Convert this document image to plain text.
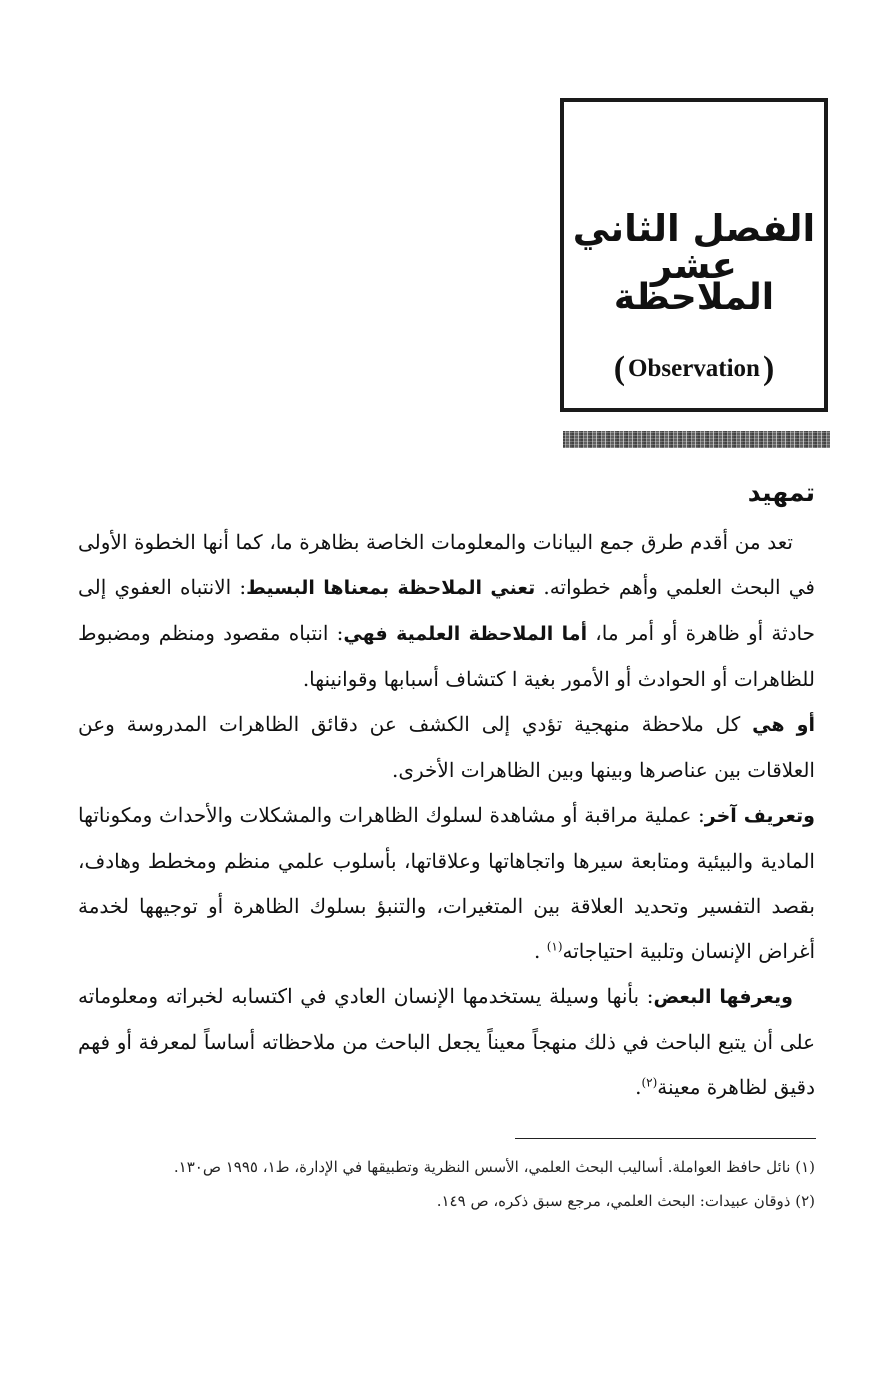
الفصل الثاني عشر
الملاحظة
( Observation)
تمهيد

تعد من أقدم طرق جمع البيانات والمعلومات الخاصة بظاهرة ما، كما أنها الخطوة الأولى في البحث العلمي وأهم خطواته. تعني الملاحظة بمعناها البسيط: الانتباه العفوي إلى حادثة أو ظاهرة أو أمر ما، أما الملاحظة العلمية فهي: انتباه مقصود ومنظم ومضبوط للظاهرات أو الحوادث أو الأمور بغية ا كتشاف أسبابها وقوانينها.

أو هي كل ملاحظة منهجية تؤدي إلى الكشف عن دقائق الظاهرات المدروسة وعن العلاقات بين عناصرها وبينها وبين الظاهرات الأخرى.

وتعريف آخر: عملية مراقبة أو مشاهدة لسلوك الظاهرات والمشكلات والأحداث ومكوناتها المادية والبيئية ومتابعة سيرها واتجاهاتها وعلاقاتها، بأسلوب علمي منظم ومخطط وهادف، بقصد التفسير وتحديد العلاقة بين المتغيرات، والتنبؤ بسلوك الظاهرة أو توجيهها لخدمة أغراض الإنسان وتلبية احتياجاته$^{(١)}$ .

ويعرفها البعض: بأنها وسيلة يستخدمها الإنسان العادي في اكتسابه لخبراته ومعلوماته على أن يتبع الباحث في ذلك منهجاً معيناً يجعل الباحث من ملاحظاته أساساً لمعرفة أو فهم دقيق لظاهرة معينة$^{(٢)}$.

(١) نائل حافظ العواملة. أساليب البحث العلمي، الأسس النظرية وتطبيقها في الإدارة، ط١، ١٩٩٥ ص١٣٠.

(٢) ذوقان عبيدات: البحث العلمي، مرجع سبق ذكره، ص ١٤٩.
